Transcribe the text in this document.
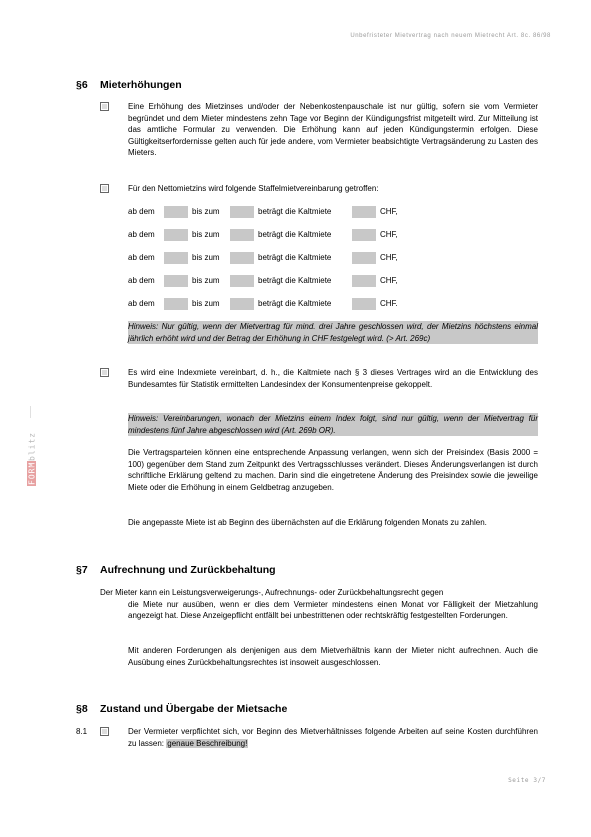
Unbefristeter Mietvertrag nach neuem Mietrecht Art. 8c. 86/98
Seite 3/7
FORM
blitz
§6 Mieterhöhungen
Eine Erhöhung des Mietzinses und/oder der Nebenkostenpauschale ist nur gültig, sofern sie vom Vermieter begründet und dem Mieter mindestens zehn Tage vor Beginn der Kündigungsfrist mitgeteilt wird. Zur Mitteilung ist das amtliche Formular zu verwenden. Die Erhöhung kann auf jeden Kündigungstermin erfolgen. Diese Gültigkeitserfordernisse gelten auch für jede andere, vom Vermieter beabsichtigte Vertragsänderung zu Lasten des Mieters.
Für den Nettomietzins wird folgende Staffelmietvereinbarung getroffen:
ab dem	bis zum	beträgt die Kaltmiete	CHF,
ab dem	bis zum	beträgt die Kaltmiete	CHF,
ab dem	bis zum	beträgt die Kaltmiete	CHF,
ab dem	bis zum	beträgt die Kaltmiete	CHF,
ab dem	bis zum	beträgt die Kaltmiete	CHF.
Hinweis: Nur gültig, wenn der Mietvertrag für mind. drei Jahre geschlossen wird, der Mietzins höchstens einmal jährlich erhöht wird und der Betrag der Erhöhung in CHF festgelegt wird. (> Art. 269c)
Es wird eine Indexmiete vereinbart, d. h., die Kaltmiete nach § 3 dieses Vertrages wird an die Entwicklung des Bundesamtes für Statistik ermittelten Landesindex der Konsumentenpreise gekoppelt.
Hinweis: Vereinbarungen, wonach der Mietzins einem Index folgt, sind nur gültig, wenn der Mietvertrag für mindestens fünf Jahre abgeschlossen wird (Art. 269b OR).
Die Vertragsparteien können eine entsprechende Anpassung verlangen, wenn sich der Preisindex (Basis 2000 = 100) gegenüber dem Stand zum Zeitpunkt des Vertragsschlusses verändert. Dieses Änderungsverlangen ist durch schriftliche Erklärung geltend zu machen. Darin sind die eingetretene Änderung des Preisindex sowie die jeweilige Miete oder die Erhöhung in einem Geldbetrag anzugeben.
Die angepasste Miete ist ab Beginn des übernächsten auf die Erklärung folgenden Monats zu zahlen.
§7 Aufrechnung und Zurückbehaltung
Der Mieter kann ein Leistungsverweigerungs-, Aufrechnungs- oder Zurückbehaltungsrecht gegen
die Miete nur ausüben, wenn er dies dem Vermieter mindestens einen Monat vor Fälligkeit der Mietzahlung angezeigt hat. Diese Anzeigepflicht entfällt bei unbestrittenen oder rechtskräftig festgestellten Forderungen.
Mit anderen Forderungen als denjenigen aus dem Mietverhältnis kann der Mieter nicht aufrechnen. Auch die Ausübung eines Zurückbehaltungsrechtes ist insoweit ausgeschlossen.
§8 Zustand und Übergabe der Mietsache
8.1	Der Vermieter verpflichtet sich, vor Beginn des Mietverhältnisses folgende Arbeiten auf seine Kosten durchführen zu lassen: genaue Beschreibung!
